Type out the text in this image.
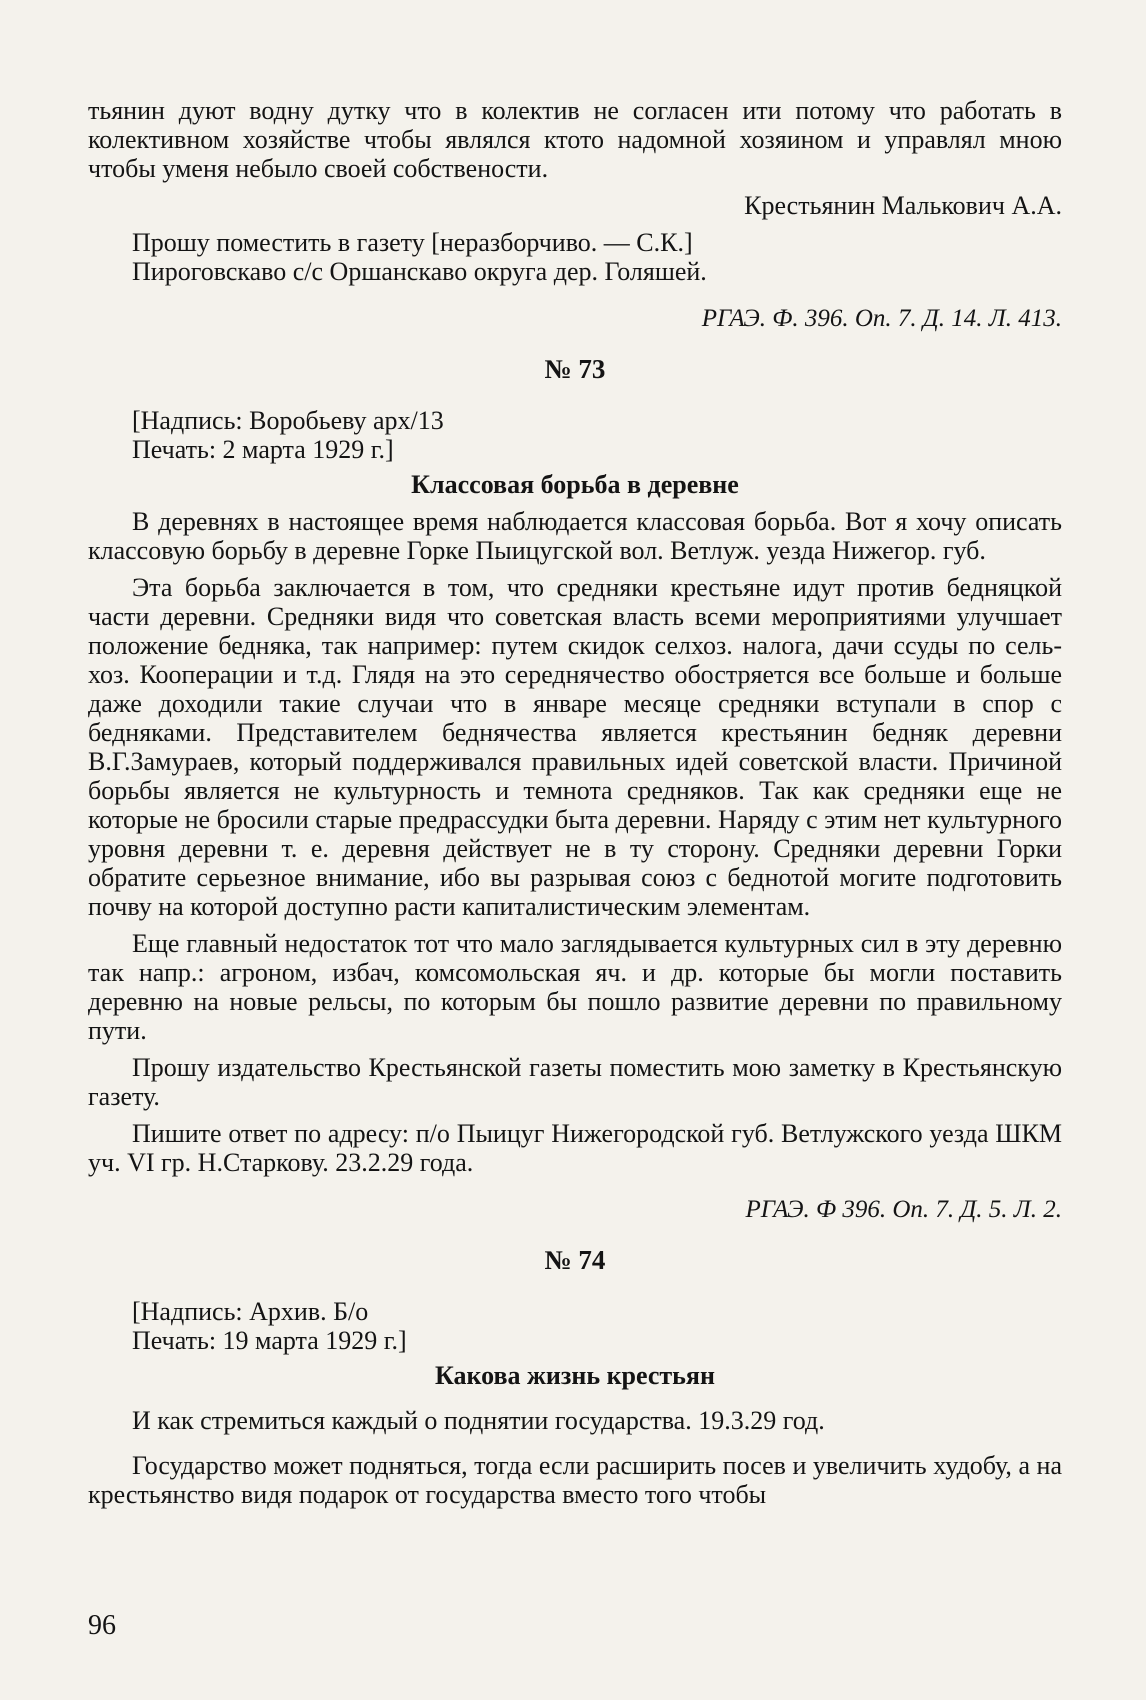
тьянин дуют водну дутку что в колектив не согласен ити потому что работать в колективном хозяйстве чтобы являлся ктото надомной хозяином и управлял мною чтобы уменя небыло своей собствености.

Крестьянин Малькович А.А.

Прошу поместить в газету [неразборчиво. — С.К.]

Пироговскаво с/с Оршанскаво округа дер. Голяшей.

РГАЭ. Ф. 396. Оп. 7. Д. 14. Л. 413.

№ 73

[Надпись: Воробьеву арх/13

Печать: 2 марта 1929 г.]

Классовая борьба в деревне

В деревнях в настоящее время наблюдается классовая борьба. Вот я хочу описать классовую борьбу в деревне Горке Пыицугской вол. Ветлуж. уезда Нижегор. губ.

Эта борьба заключается в том, что средняки крестьяне идут против бедняцкой части деревни. Средняки видя что советская власть всеми мероприятиями улучшает положение бедняка, так например: путем скидок селхоз. налога, дачи ссуды по сель-хоз. Кооперации и т.д. Глядя на это середнячество обостряется все больше и больше даже доходили такие случаи что в январе месяце средняки вступали в спор с бедняками. Представителем беднячества является крестьянин бедняк деревни В.Г.Замураев, который поддерживался правильных идей советской власти. Причиной борьбы является не культурность и темнота средняков. Так как средняки еще не которые не бросили старые предрассудки быта деревни. Наряду с этим нет культурного уровня деревни т. е. деревня действует не в ту сторону. Средняки деревни Горки обратите серьезное внимание, ибо вы разрывая союз с беднотой могите подготовить почву на которой доступно расти капиталистическим элементам.

Еще главный недостаток тот что мало заглядывается культурных сил в эту деревню так напр.: агроном, избач, комсомольская яч. и др. которые бы могли поставить деревню на новые рельсы, по которым бы пошло развитие деревни по правильному пути.

Прошу издательство Крестьянской газеты поместить мою заметку в Крестьянскую газету.

Пишите ответ по адресу: п/о Пыицуг Нижегородской губ. Ветлужского уезда ШКМ уч. VI гр. Н.Старкову. 23.2.29 года.

РГАЭ. Ф 396. Оп. 7. Д. 5. Л. 2.

№ 74

[Надпись: Архив. Б/о

Печать: 19 марта 1929 г.]

Какова жизнь крестьян

И как стремиться каждый о поднятии государства. 19.3.29 год.

Государство может подняться, тогда если расширить посев и увеличить худобу, а на крестьянство видя подарок от государства вместо того чтобы

96
